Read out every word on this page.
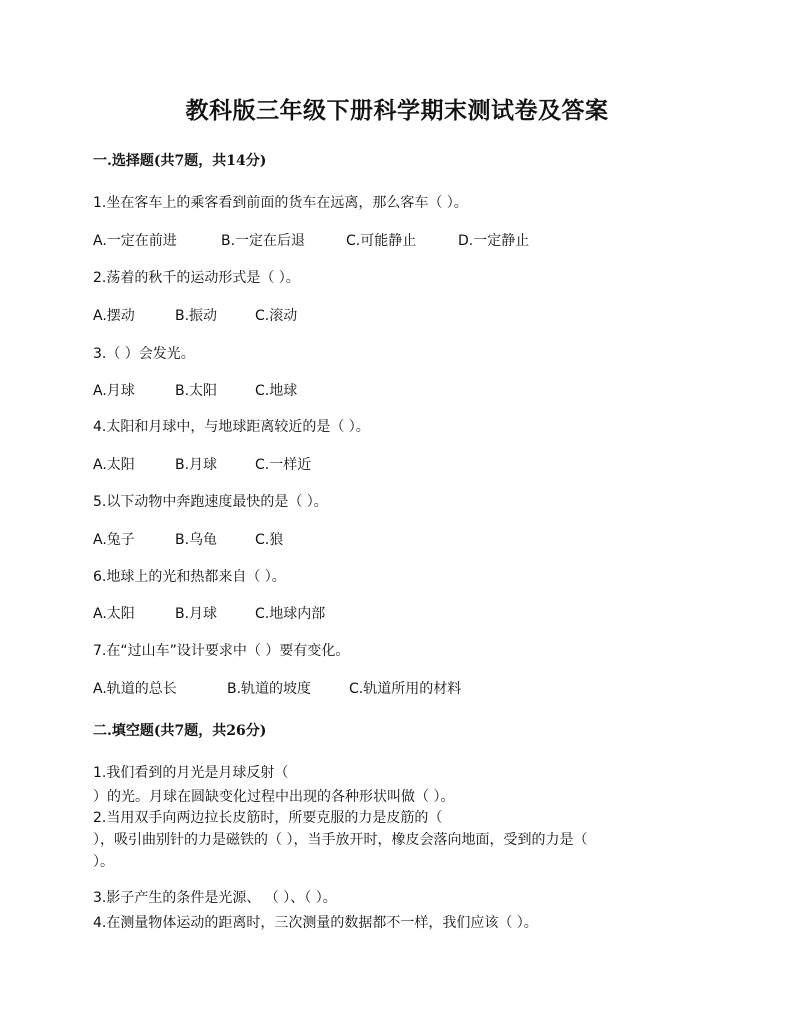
教科版三年级下册科学期末测试卷及答案
一.选择题(共7题，共14分)

1.坐在客车上的乘客看到前面的货车在远离，那么客车（ ）。

A.一定在前进	B.一定在后退	C.可能静止	D.一定静止

2.荡着的秋千的运动形式是（ ）。

A.摆动	B.振动	C.滚动

3.（ ）会发光。

A.月球	B.太阳	C.地球

4.太阳和月球中，与地球距离较近的是（ ）。

A.太阳	B.月球	C.一样近

5.以下动物中奔跑速度最快的是（ ）。

A.兔子	B.乌龟	C.狼

6.地球上的光和热都来自（ ）。

A.太阳	B.月球	C.地球内部

7.在“过山车”设计要求中（ ）要有变化。

A.轨道的总长	B.轨道的坡度	C.轨道所用的材料
二.填空题(共7题，共26分)

1.我们看到的月光是月球反射（

）的光。月球在圆缺变化过程中出现的各种形状叫做（ ）。

2.当用双手向两边拉长皮筋时，所要克服的力是皮筋的（

），吸引曲别针的力是磁铁的（ ），当手放开时，橡皮会落向地面，受到的力是（

）。

3.影子产生的条件是光源、 （ ）、（ ）。

4.在测量物体运动的距离时，三次测量的数据都不一样，我们应该（ ）。
